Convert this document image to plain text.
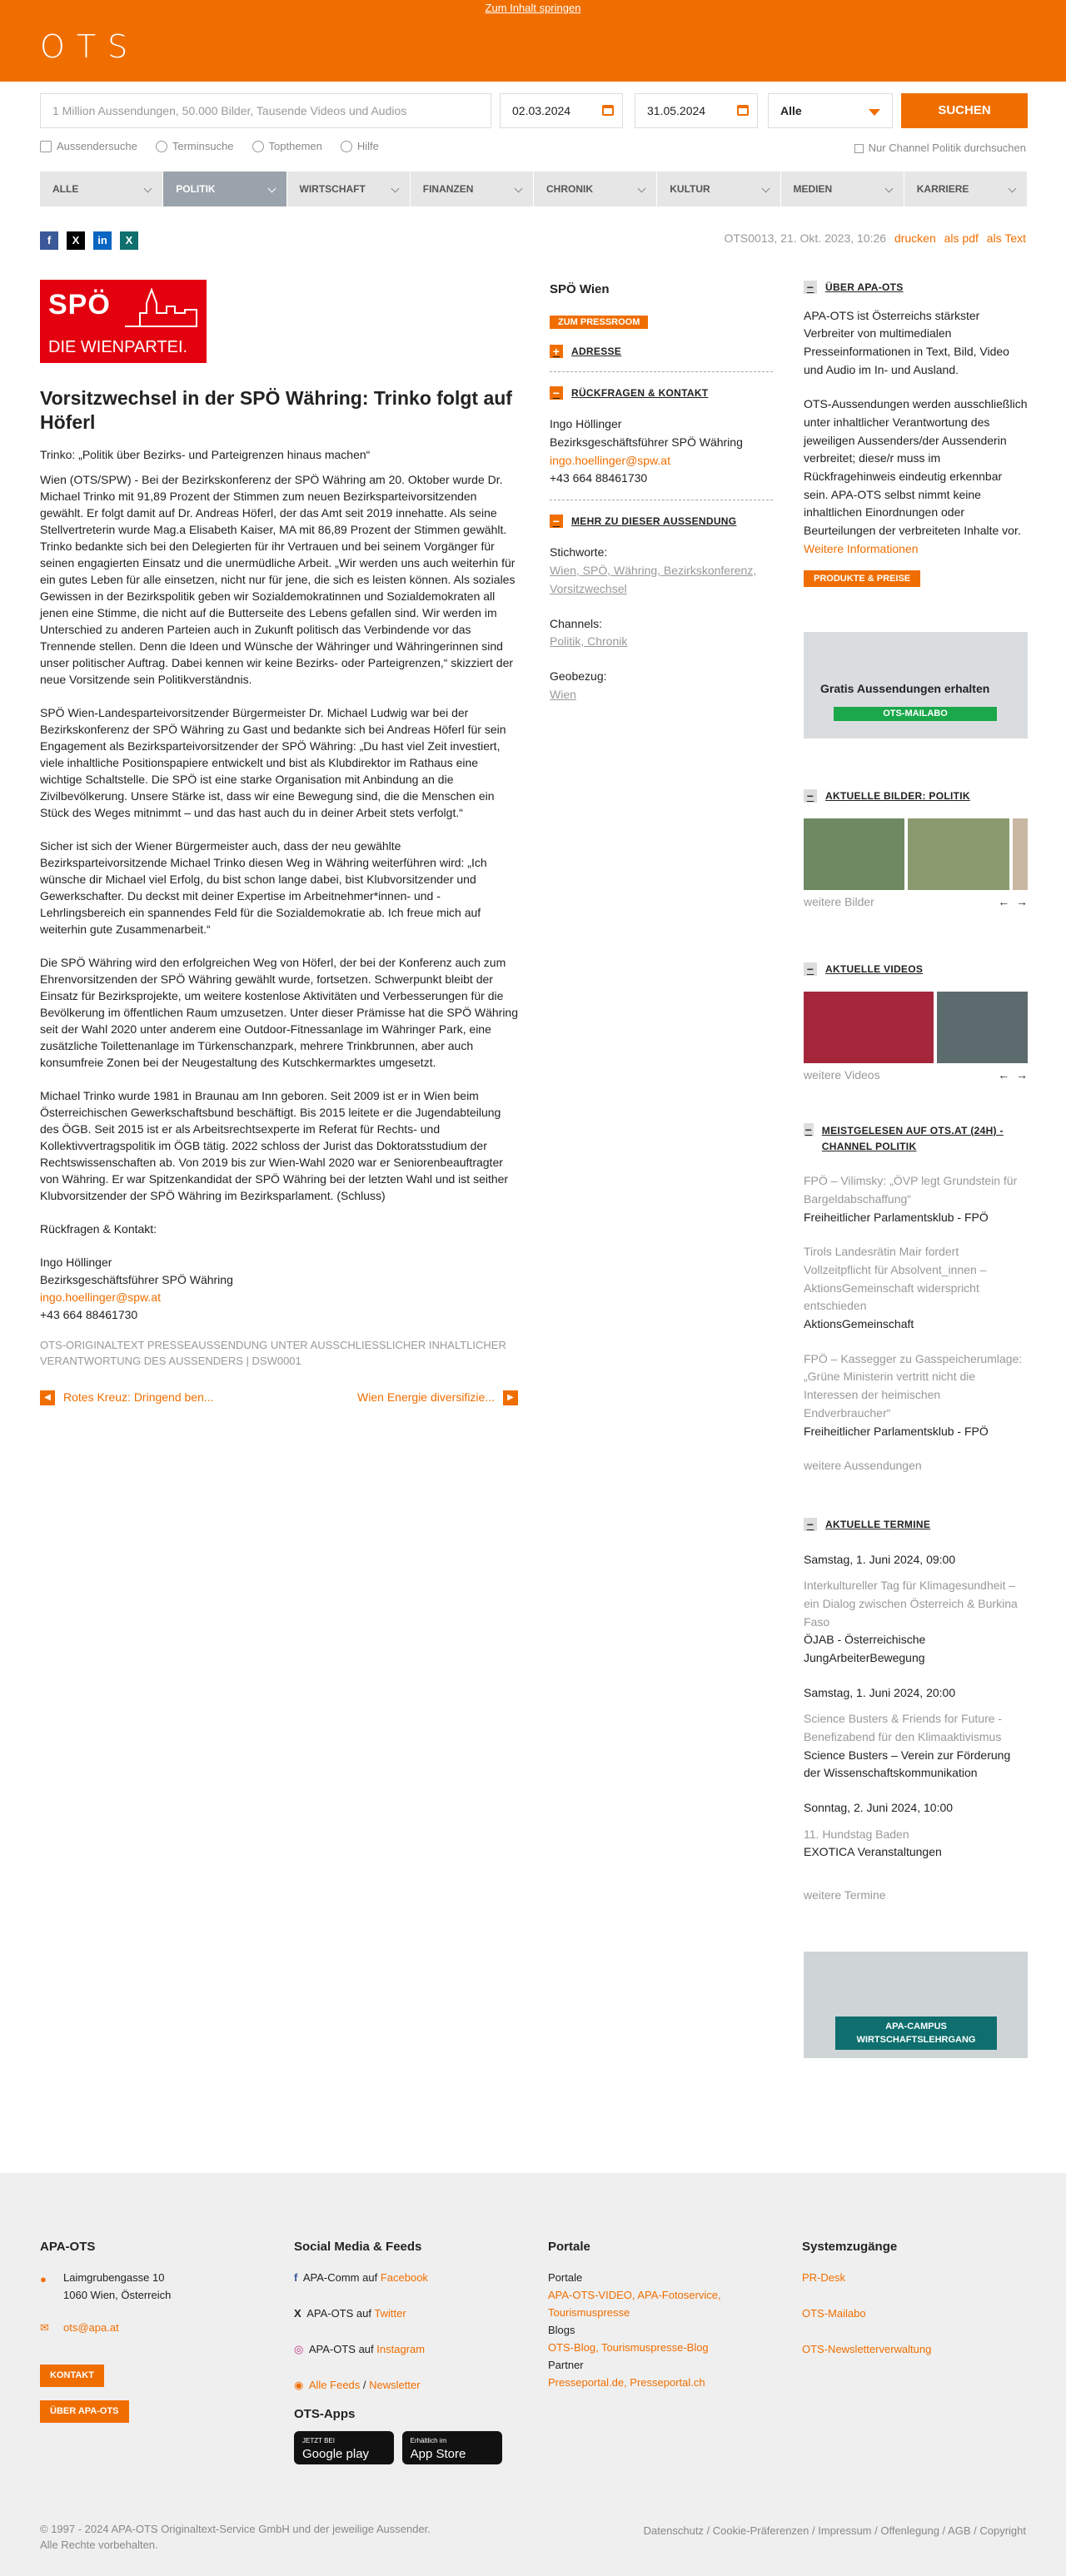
Zum Inhalt springen
OTS
1 Million Aussendungen, 50.000 Bilder, Tausende Videos und Audios	02.03.2024	31.05.2024	Alle	SUCHEN
Aussendersuche	Terminsuche	Topthemen	Hilfe	Nur Channel Politik durchsuchen
ALLE	POLITIK	WIRTSCHAFT	FINANZEN	CHRONIK	KULTUR	MEDIEN	KARRIERE
f	X	in	X	OTS0013, 21. Okt. 2023, 10:26 drucken als pdf als Text
SPÖ
DIE WIENPARTEI.
Vorsitzwechsel in der SPÖ Währing: Trinko folgt auf Höferl
Trinko: „Politik über Bezirks- und Parteigrenzen hinaus machen“

Wien (OTS/SPW) - Bei der Bezirkskonferenz der SPÖ Währing am 20. Oktober wurde Dr. Michael Trinko mit 91,89 Prozent der Stimmen zum neuen Bezirksparteivorsitzenden gewählt. Er folgt damit auf Dr. Andreas Höferl, der das Amt seit 2019 innehatte. Als seine Stellvertreterin wurde Mag.a Elisabeth Kaiser, MA mit 86,89 Prozent der Stimmen gewählt. Trinko bedankte sich bei den Delegierten für ihr Vertrauen und bei seinem Vorgänger für seinen engagierten Einsatz und die unermüdliche Arbeit. „Wir werden uns auch weiterhin für ein gutes Leben für alle einsetzen, nicht nur für jene, die sich es leisten können. Als soziales Gewissen in der Bezirkspolitik geben wir Sozialdemokratinnen und Sozialdemokraten all jenen eine Stimme, die nicht auf die Butterseite des Lebens gefallen sind. Wir werden im Unterschied zu anderen Parteien auch in Zukunft politisch das Verbindende vor das Trennende stellen. Denn die Ideen und Wünsche der Währinger und Währingerinnen sind unser politischer Auftrag. Dabei kennen wir keine Bezirks- oder Parteigrenzen,“ skizziert der neue Vorsitzende sein Politikverständnis.

SPÖ Wien-Landesparteivorsitzender Bürgermeister Dr. Michael Ludwig war bei der Bezirkskonferenz der SPÖ Währing zu Gast und bedankte sich bei Andreas Höferl für sein Engagement als Bezirksparteivorsitzender der SPÖ Währing: „Du hast viel Zeit investiert, viele inhaltliche Positionspapiere entwickelt und bist als Klubdirektor im Rathaus eine wichtige Schaltstelle. Die SPÖ ist eine starke Organisation mit Anbindung an die Zivilbevölkerung. Unsere Stärke ist, dass wir eine Bewegung sind, die die Menschen ein Stück des Weges mitnimmt – und das hast auch du in deiner Arbeit stets verfolgt.“

Sicher ist sich der Wiener Bürgermeister auch, dass der neu gewählte Bezirksparteivorsitzende Michael Trinko diesen Weg in Währing weiterführen wird: „Ich wünsche dir Michael viel Erfolg, du bist schon lange dabei, bist Klubvorsitzender und Gewerkschafter. Du deckst mit deiner Expertise im Arbeitnehmer*innen- und -Lehrlingsbereich ein spannendes Feld für die Sozialdemokratie ab. Ich freue mich auf weiterhin gute Zusammenarbeit.“

Die SPÖ Währing wird den erfolgreichen Weg von Höferl, der bei der Konferenz auch zum Ehrenvorsitzenden der SPÖ Währing gewählt wurde, fortsetzen. Schwerpunkt bleibt der Einsatz für Bezirksprojekte, um weitere kostenlose Aktivitäten und Verbesserungen für die Bevölkerung im öffentlichen Raum umzusetzen. Unter dieser Prämisse hat die SPÖ Währing seit der Wahl 2020 unter anderem eine Outdoor-Fitnessanlage im Währinger Park, eine zusätzliche Toilettenanlage im Türkenschanzpark, mehrere Trinkbrunnen, aber auch konsumfreie Zonen bei der Neugestaltung des Kutschkermarktes umgesetzt.

Michael Trinko wurde 1981 in Braunau am Inn geboren. Seit 2009 ist er in Wien beim Österreichischen Gewerkschaftsbund beschäftigt. Bis 2015 leitete er die Jugendabteilung des ÖGB. Seit 2015 ist er als Arbeitsrechtsexperte im Referat für Rechts- und Kollektivvertragspolitik im ÖGB tätig. 2022 schloss der Jurist das Doktoratsstudium der Rechtswissenschaften ab. Von 2019 bis zur Wien-Wahl 2020 war er Seniorenbeauftragter von Währing. Er war Spitzenkandidat der SPÖ Währing bei der letzten Wahl und ist seither Klubvorsitzender der SPÖ Währing im Bezirksparlament. (Schluss)

Rückfragen & Kontakt:

Ingo Höllinger
Bezirksgeschäftsführer SPÖ Währing
ingo.hoellinger@spw.at
+43 664 88461730
OTS-ORIGINALTEXT PRESSEAUSSENDUNG UNTER AUSSCHLIESSLICHER INHALTLICHER VERANTWORTUNG DES AUSSENDERS | DSW0001
◀ Rotes Kreuz: Dringend ben...	Wien Energie diversifizie... ▶
SPÖ Wien
ZUM PRESSROOM
+	ADRESSE
−	RÜCKFRAGEN & KONTAKT
Ingo Höllinger
Bezirksgeschäftsführer SPÖ Währing
ingo.hoellinger@spw.at
+43 664 88461730
−	MEHR ZU DIESER AUSSENDUNG
Stichworte:
Wien, SPÖ, Währing, Bezirkskonferenz, Vorsitzwechsel
Channels:
Politik, Chronik
Geobezug:
Wien
−	ÜBER APA-OTS

APA-OTS ist Österreichs stärkster Verbreiter von multimedialen Presseinformationen in Text, Bild, Video und Audio im In- und Ausland.

OTS-Aussendungen werden ausschließlich unter inhaltlicher Verantwortung des jeweiligen Aussenders/der Aussenderin verbreitet; diese/r muss im Rückfragehinweis eindeutig erkennbar sein. APA-OTS selbst nimmt keine inhaltlichen Einordnungen oder Beurteilungen der verbreiteten Inhalte vor.

Weitere Informationen
PRODUKTE & PREISE
Gratis Aussendungen erhalten
OTS-MAILABO
−	AKTUELLE BILDER: POLITIK
weitere Bilder	←  →
−	AKTUELLE VIDEOS
weitere Videos	←  →
− MEISTGELESEN AUF OTS.AT (24H) - CHANNEL POLITIK
FPÖ – Vilimsky: „ÖVP legt Grundstein für Bargeldabschaffung“
Freiheitlicher Parlamentsklub - FPÖ
Tirols Landesrätin Mair fordert Vollzeitpflicht für Absolvent_innen – AktionsGemeinschaft widerspricht entschieden
AktionsGemeinschaft
FPÖ – Kassegger zu Gasspeicherumlage: „Grüne Ministerin vertritt nicht die Interessen der heimischen Endverbraucher“
Freiheitlicher Parlamentsklub - FPÖ
weitere Aussendungen
−	AKTUELLE TERMINE
Samstag, 1. Juni 2024, 09:00
Interkultureller Tag für Klimagesundheit – ein Dialog zwischen Österreich & Burkina Faso
ÖJAB - Österreichische JungArbeiterBewegung
Samstag, 1. Juni 2024, 20:00
Science Busters & Friends for Future - Benefizabend für den Klimaaktivismus
Science Busters – Verein zur Förderung der Wissenschaftskommunikation
Sonntag, 2. Juni 2024, 10:00
11. Hundstag Baden
EXOTICA Veranstaltungen
weitere Termine
APA-CAMPUS WIRTSCHAFTSLEHRGANG
APA-OTS
● Laimgrubengasse 10
1060 Wien, Österreich
✉ ots@apa.at
KONTAKT
ÜBER APA-OTS
Social Media & Feeds
f APA-Comm auf Facebook
X APA-OTS auf Twitter
◎ APA-OTS auf Instagram
◉ Alle Feeds / Newsletter
OTS-Apps
JETZT BEI
Google play
Erhältlich im
App Store
Portale
Portale
APA-OTS-VIDEO, APA-Fotoservice, Tourismuspresse
Blogs
OTS-Blog, Tourismuspresse-Blog
Partner
Presseportal.de, Presseportal.ch
Systemzugänge
PR-Desk
OTS-Mailabo
OTS-Newsletterverwaltung
© 1997 - 2024 APA-OTS Originaltext-Service GmbH und der jeweilige Aussender.
Alle Rechte vorbehalten.
Datenschutz / Cookie-Präferenzen / Impressum / Offenlegung / AGB / Copyright
